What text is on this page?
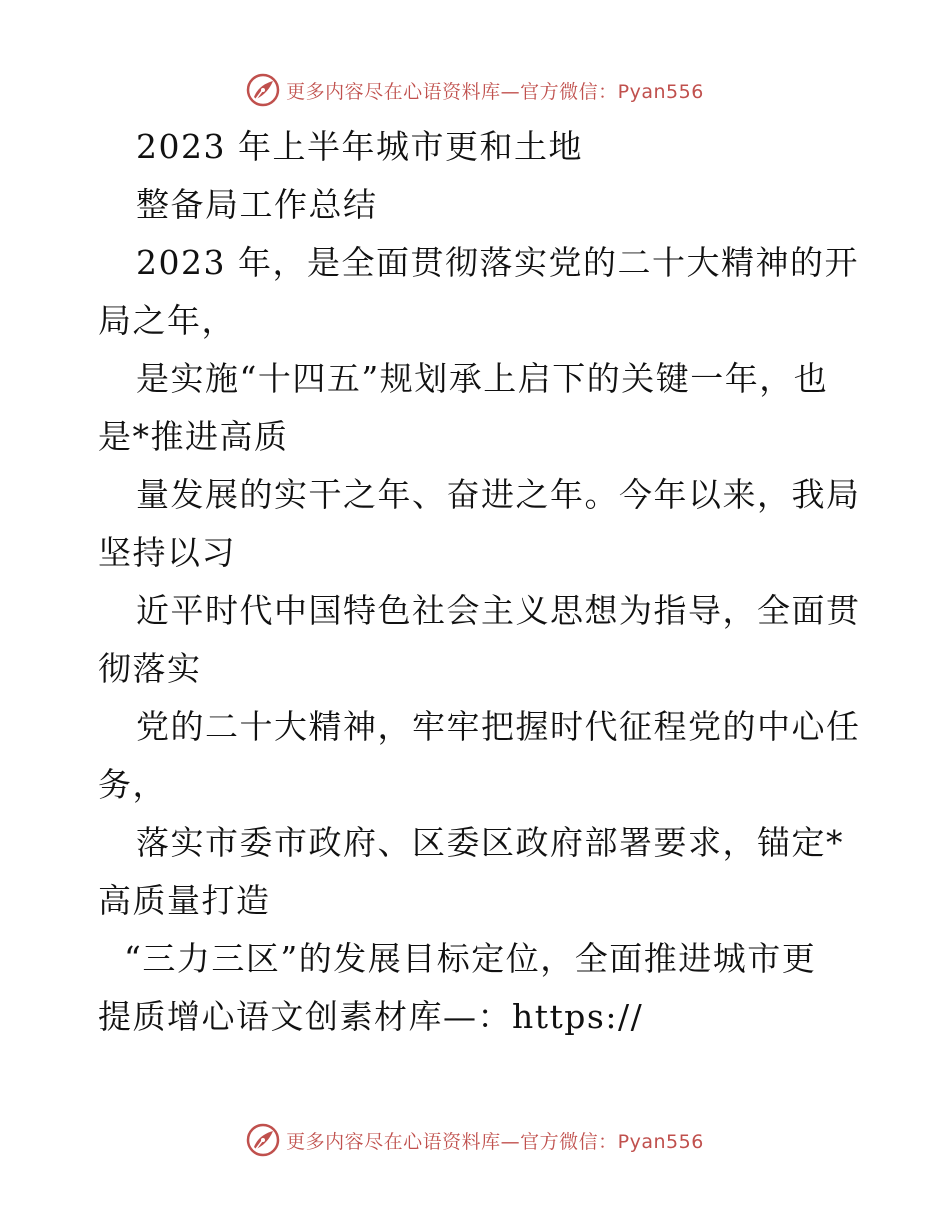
更多内容尽在心语资料库—官方微信：Pyan556
2023 年上半年城市更和土地
整备局工作总结
2023 年，是全面贯彻落实党的二十大精神的开
局之年，
是实施“十四五”规划承上启下的关键一年，也
是*推进高质
量发展的实干之年、奋进之年。今年以来，我局
坚持以习
近平时代中国特色社会主义思想为指导，全面贯
彻落实
党的二十大精神，牢牢把握时代征程党的中心任
务，
落实市委市政府、区委区政府部署要求，锚定*
高质量打造
“三力三区”的发展目标定位，全面推进城市更
提质增心语文创素材库—：https://
更多内容尽在心语资料库—官方微信：Pyan556
